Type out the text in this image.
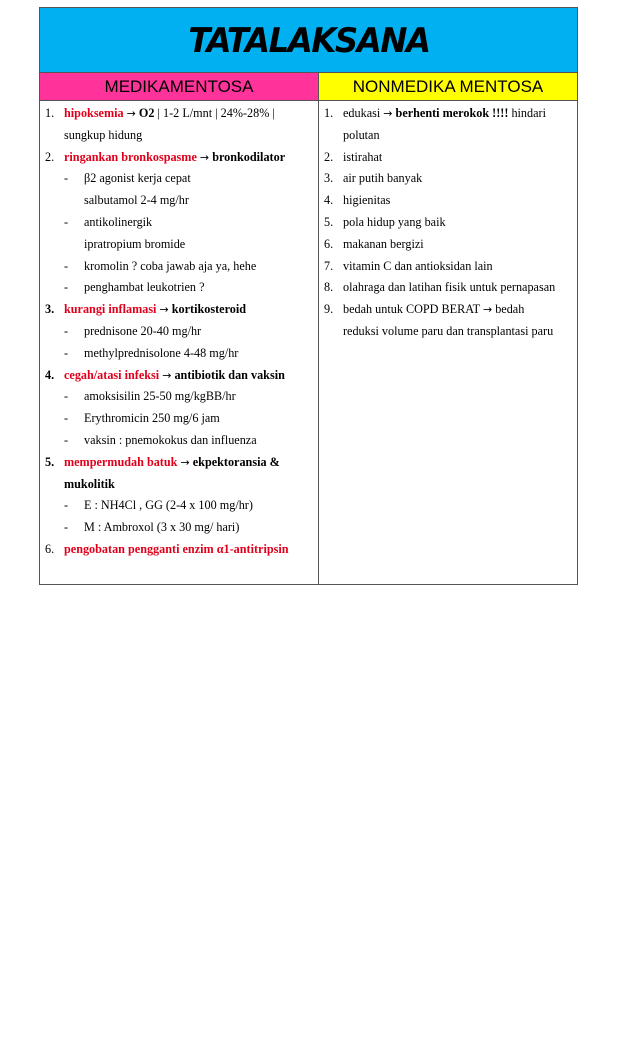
TATALAKSANA
MEDIKAMENTOSA	NONMEDIKA MENTOSA
1. hipoksemia → O2 | 1-2 L/mnt | 24%-28% |
sungkup hidung
2. ringankan bronkospasme → bronkodilator
- β2 agonist kerja cepat
salbutamol 2-4 mg/hr
- antikolinergik
ipratropium bromide
- kromolin ? coba jawab aja ya, hehe
- penghambat leukotrien ?
3. kurangi inflamasi → kortikosteroid
- prednisone 20-40 mg/hr
- methylprednisolone 4-48 mg/hr
4. cegah/atasi infeksi → antibiotik dan vaksin
- amoksisilin 25-50 mg/kgBB/hr
- Erythromicin 250 mg/6 jam
- vaksin : pnemokokus dan influenza
5. mempermudah batuk → ekpektoransia &
mukolitik
- E : NH4Cl , GG (2-4 x 100 mg/hr)
- M : Ambroxol (3 x 30 mg/ hari)
6. pengobatan pengganti enzim α1-antitripsin
1. edukasi → berhenti merokok !!!! hindari
polutan
2. istirahat
3. air putih banyak
4. higienitas
5. pola hidup yang baik
6. makanan bergizi
7. vitamin C dan antioksidan lain
8. olahraga dan latihan fisik untuk pernapasan
9. bedah untuk COPD BERAT → bedah
reduksi volume paru dan transplantasi paru
